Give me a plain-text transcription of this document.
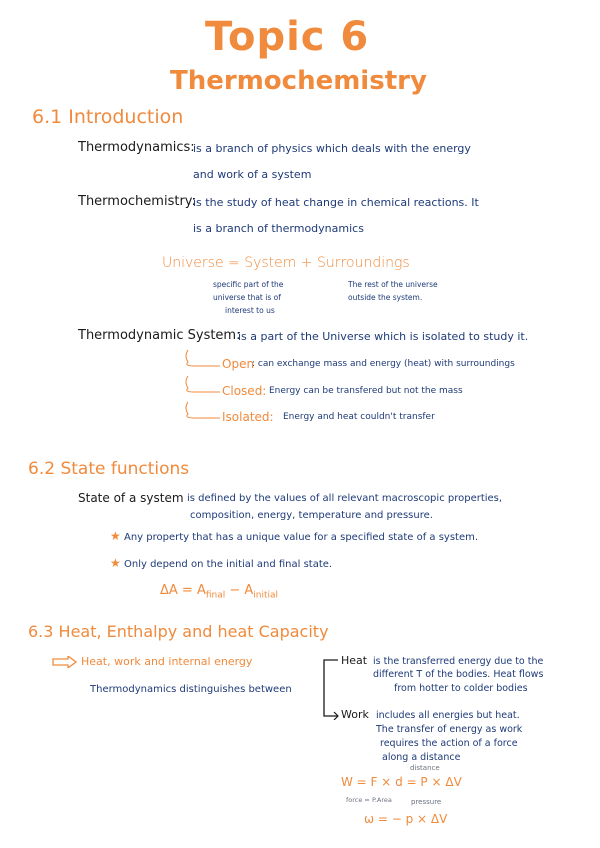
Topic 6
Thermochemistry
6.1 Introduction
Thermodynamics:
is a branch of physics which deals with the energy
and work of a system
Thermochemistry:
is the study of heat change in chemical reactions. It
is a branch of thermodynamics
Universe = System + Surroundings
specific part of the
universe that is of
interest to us
The rest of the universe
outside the system.
Thermodynamic System:
is a part of the Universe which is isolated to study it.
Open
: can exchange mass and energy (heat) with surroundings
Closed: Energy can be transfered but not the mass
Isolated: Energy and heat couldn't transfer
6.2 State functions
State of a system is defined by the values of all relevant macroscopic properties,
composition, energy, temperature and pressure.
★ Any property that has a unique value for a specified state of a system.
★ Only depend on the initial and final state.
$\Delta A = A_{final} - A_{initial}$
6.3 Heat, Enthalpy and heat Capacity
Heat, work and internal energy
Thermodynamics distinguishes between
Heat is the transferred energy due to the
different T of the bodies. Heat flows
from hotter to colder bodies
Work includes all energies but heat.
The transfer of energy as work
requires the action of a force
along a distance
distance
W = F × d = P × ΔV
force = P.Area	pressure
ω = − p × ΔV
